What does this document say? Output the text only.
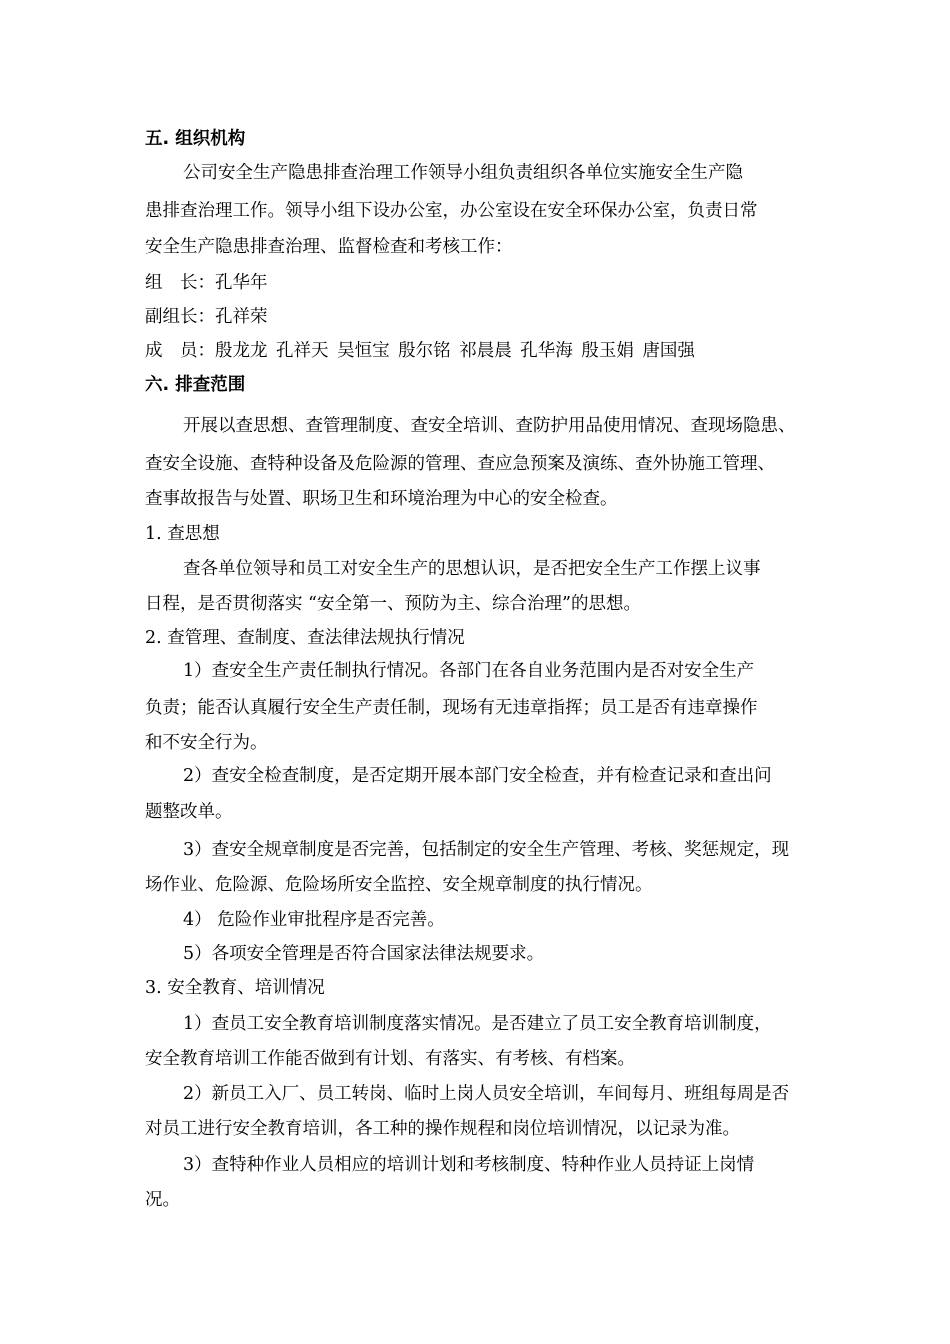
五. 组织机构
公司安全生产隐患排查治理工作领导小组负责组织各单位实施安全生产隐
患排查治理工作。领导小组下设办公室，办公室设在安全环保办公室，负责日常
安全生产隐患排查治理、监督检查和考核工作：
组　长：孔华年
副组长：孔祥荣
成　员：殷龙龙 孔祥天 吴恒宝 殷尔铭 祁晨晨 孔华海 殷玉娟 唐国强
六. 排查范围
开展以查思想、查管理制度、查安全培训、查防护用品使用情况、查现场隐患、
查安全设施、查特种设备及危险源的管理、查应急预案及演练、查外协施工管理、
查事故报告与处置、职场卫生和环境治理为中心的安全检查。
1. 查思想
查各单位领导和员工对安全生产的思想认识，是否把安全生产工作摆上议事
日程，是否贯彻落实 “安全第一、预防为主、综合治理”的思想。
2. 查管理、查制度、查法律法规执行情况
1）查安全生产责任制执行情况。各部门在各自业务范围内是否对安全生产
负责；能否认真履行安全生产责任制，现场有无违章指挥；员工是否有违章操作
和不安全行为。
2）查安全检查制度，是否定期开展本部门安全检查，并有检查记录和查出问
题整改单。
3）查安全规章制度是否完善，包括制定的安全生产管理、考核、奖惩规定，现
场作业、危险源、危险场所安全监控、安全规章制度的执行情况。
4） 危险作业审批程序是否完善。
5）各项安全管理是否符合国家法律法规要求。
3. 安全教育、培训情况
1）查员工安全教育培训制度落实情况。是否建立了员工安全教育培训制度，
安全教育培训工作能否做到有计划、有落实、有考核、有档案。
2）新员工入厂、员工转岗、临时上岗人员安全培训，车间每月、班组每周是否
对员工进行安全教育培训，各工种的操作规程和岗位培训情况，以记录为准。
3）查特种作业人员相应的培训计划和考核制度、特种作业人员持证上岗情
况。
